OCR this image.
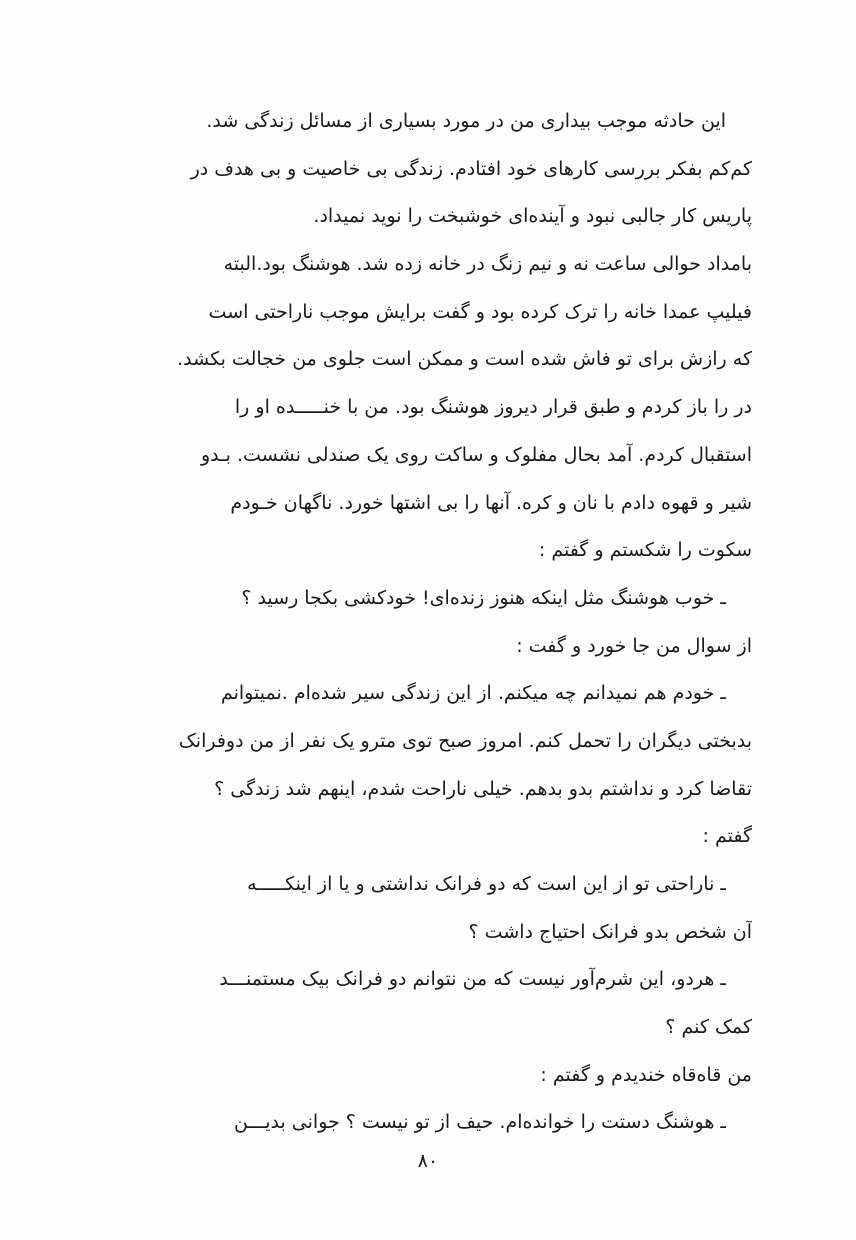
این حادثه موجب بیداری من در مورد بسیاری از مسائل زندگی شد.
کم‌کم بفکر بررسی کارهای خود افتادم. زندگی بی خاصیت و بی هدف در
پاریس کار جالبی نبود و آینده‌ای خوشبخت را نوید نمیداد.
بامداد حوالی ساعت نه و نیم زنگ در خانه زده شد. هوشنگ بود.البته
فیلیپ عمدا خانه را ترک کرده بود و گفت برایش موجب ناراحتی است
که رازش برای تو فاش شده است و ممکن است جلوی من خجالت بکشد.
در را باز کردم و طبق قرار دیروز هوشنگ بود. من با خنـــــده او را
استقبال کردم. آمد بحال مفلوک و ساکت روی یک صندلی نشست. بـدو
شیر و قهوه دادم با نان و کره. آنها را بی اشتها خورد. ناگهان خـودم
سکوت را شکستم و گفتم :
ـ خوب هوشنگ مثل اینکه هنوز زنده‌ای! خودکشی بکجا رسید ؟
از سوال من جا خورد و گفت :
ـ خودم هم نمیدانم چه میکنم. از این زندگی سیر شده‌ام .نمیتوانم
بدبختی دیگران را تحمل کنم. امروز صبح توی مترو یک نفر از من دوفرانک
تقاضا کرد و نداشتم بدو بدهم. خیلی ناراحت شدم، اینهم شد زندگی ؟
گفتم :
ـ ناراحتی تو از این است که دو فرانک نداشتی و یا از اینکـــــه
آن شخص بدو فرانک احتیاج داشت ؟
ـ هردو، این شرم‌آور نیست که من نتوانم دو فرانک بیک مستمنـــد
کمک کنم ؟
من قاه‌قاه خندیدم و گفتم :
ـ هوشنگ دستت را خوانده‌ام. حیف از تو نیست ؟ جوانی بدیـــن
۸۰
